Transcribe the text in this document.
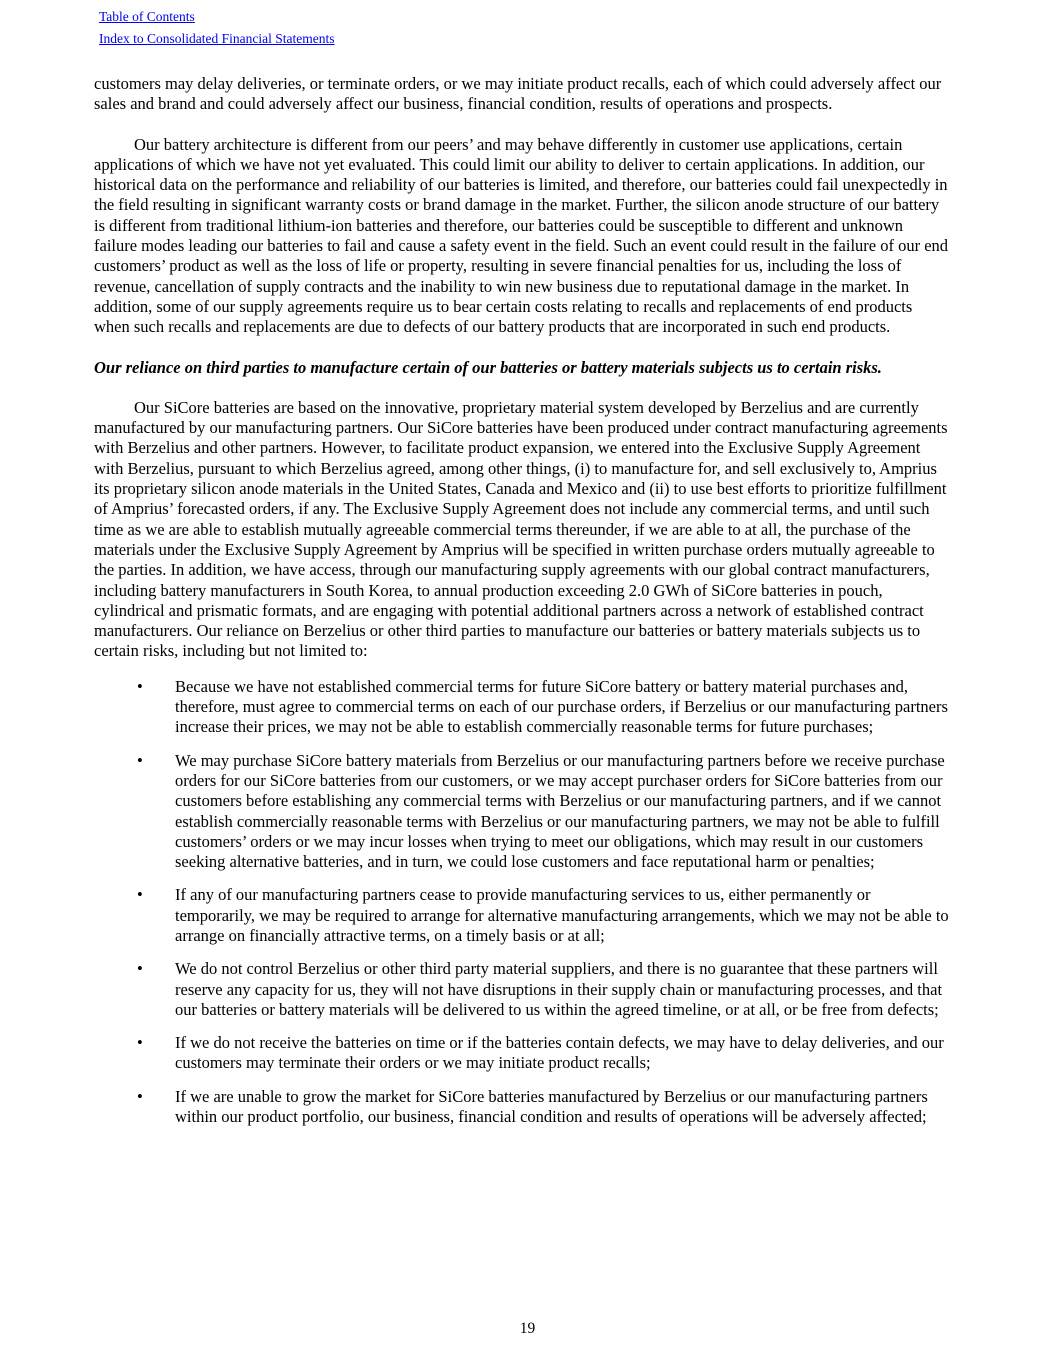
Table of Contents
Index to Consolidated Financial Statements

customers may delay deliveries, or terminate orders, or we may initiate product recalls, each of which could adversely affect our sales and brand and could adversely affect our business, financial condition, results of operations and prospects.

Our battery architecture is different from our peers’ and may behave differently in customer use applications, certain applications of which we have not yet evaluated. This could limit our ability to deliver to certain applications. In addition, our historical data on the performance and reliability of our batteries is limited, and therefore, our batteries could fail unexpectedly in the field resulting in significant warranty costs or brand damage in the market. Further, the silicon anode structure of our battery is different from traditional lithium-ion batteries and therefore, our batteries could be susceptible to different and unknown failure modes leading our batteries to fail and cause a safety event in the field. Such an event could result in the failure of our end customers’ product as well as the loss of life or property, resulting in severe financial penalties for us, including the loss of revenue, cancellation of supply contracts and the inability to win new business due to reputational damage in the market. In addition, some of our supply agreements require us to bear certain costs relating to recalls and replacements of end products when such recalls and replacements are due to defects of our battery products that are incorporated in such end products.

Our reliance on third parties to manufacture certain of our batteries or battery materials subjects us to certain risks.

Our SiCore batteries are based on the innovative, proprietary material system developed by Berzelius and are currently manufactured by our manufacturing partners. Our SiCore batteries have been produced under contract manufacturing agreements with Berzelius and other partners. However, to facilitate product expansion, we entered into the Exclusive Supply Agreement with Berzelius, pursuant to which Berzelius agreed, among other things, (i) to manufacture for, and sell exclusively to, Amprius its proprietary silicon anode materials in the United States, Canada and Mexico and (ii) to use best efforts to prioritize fulfillment of Amprius’ forecasted orders, if any. The Exclusive Supply Agreement does not include any commercial terms, and until such time as we are able to establish mutually agreeable commercial terms thereunder, if we are able to at all, the purchase of the materials under the Exclusive Supply Agreement by Amprius will be specified in written purchase orders mutually agreeable to the parties. In addition, we have access, through our manufacturing supply agreements with our global contract manufacturers, including battery manufacturers in South Korea, to annual production exceeding 2.0 GWh of SiCore batteries in pouch, cylindrical and prismatic formats, and are engaging with potential additional partners across a network of established contract manufacturers. Our reliance on Berzelius or other third parties to manufacture our batteries or battery materials subjects us to certain risks, including but not limited to:

•	Because we have not established commercial terms for future SiCore battery or battery material purchases and, therefore, must agree to commercial terms on each of our purchase orders, if Berzelius or our manufacturing partners increase their prices, we may not be able to establish commercially reasonable terms for future purchases;
•	We may purchase SiCore battery materials from Berzelius or our manufacturing partners before we receive purchase orders for our SiCore batteries from our customers, or we may accept purchaser orders for SiCore batteries from our customers before establishing any commercial terms with Berzelius or our manufacturing partners, and if we cannot establish commercially reasonable terms with Berzelius or our manufacturing partners, we may not be able to fulfill customers’ orders or we may incur losses when trying to meet our obligations, which may result in our customers seeking alternative batteries, and in turn, we could lose customers and face reputational harm or penalties;
•	If any of our manufacturing partners cease to provide manufacturing services to us, either permanently or temporarily, we may be required to arrange for alternative manufacturing arrangements, which we may not be able to arrange on financially attractive terms, on a timely basis or at all;
•	We do not control Berzelius or other third party material suppliers, and there is no guarantee that these partners will reserve any capacity for us, they will not have disruptions in their supply chain or manufacturing processes, and that our batteries or battery materials will be delivered to us within the agreed timeline, or at all, or be free from defects;
•	If we do not receive the batteries on time or if the batteries contain defects, we may have to delay deliveries, and our customers may terminate their orders or we may initiate product recalls;
•	If we are unable to grow the market for SiCore batteries manufactured by Berzelius or our manufacturing partners within our product portfolio, our business, financial condition and results of operations will be adversely affected;
19
